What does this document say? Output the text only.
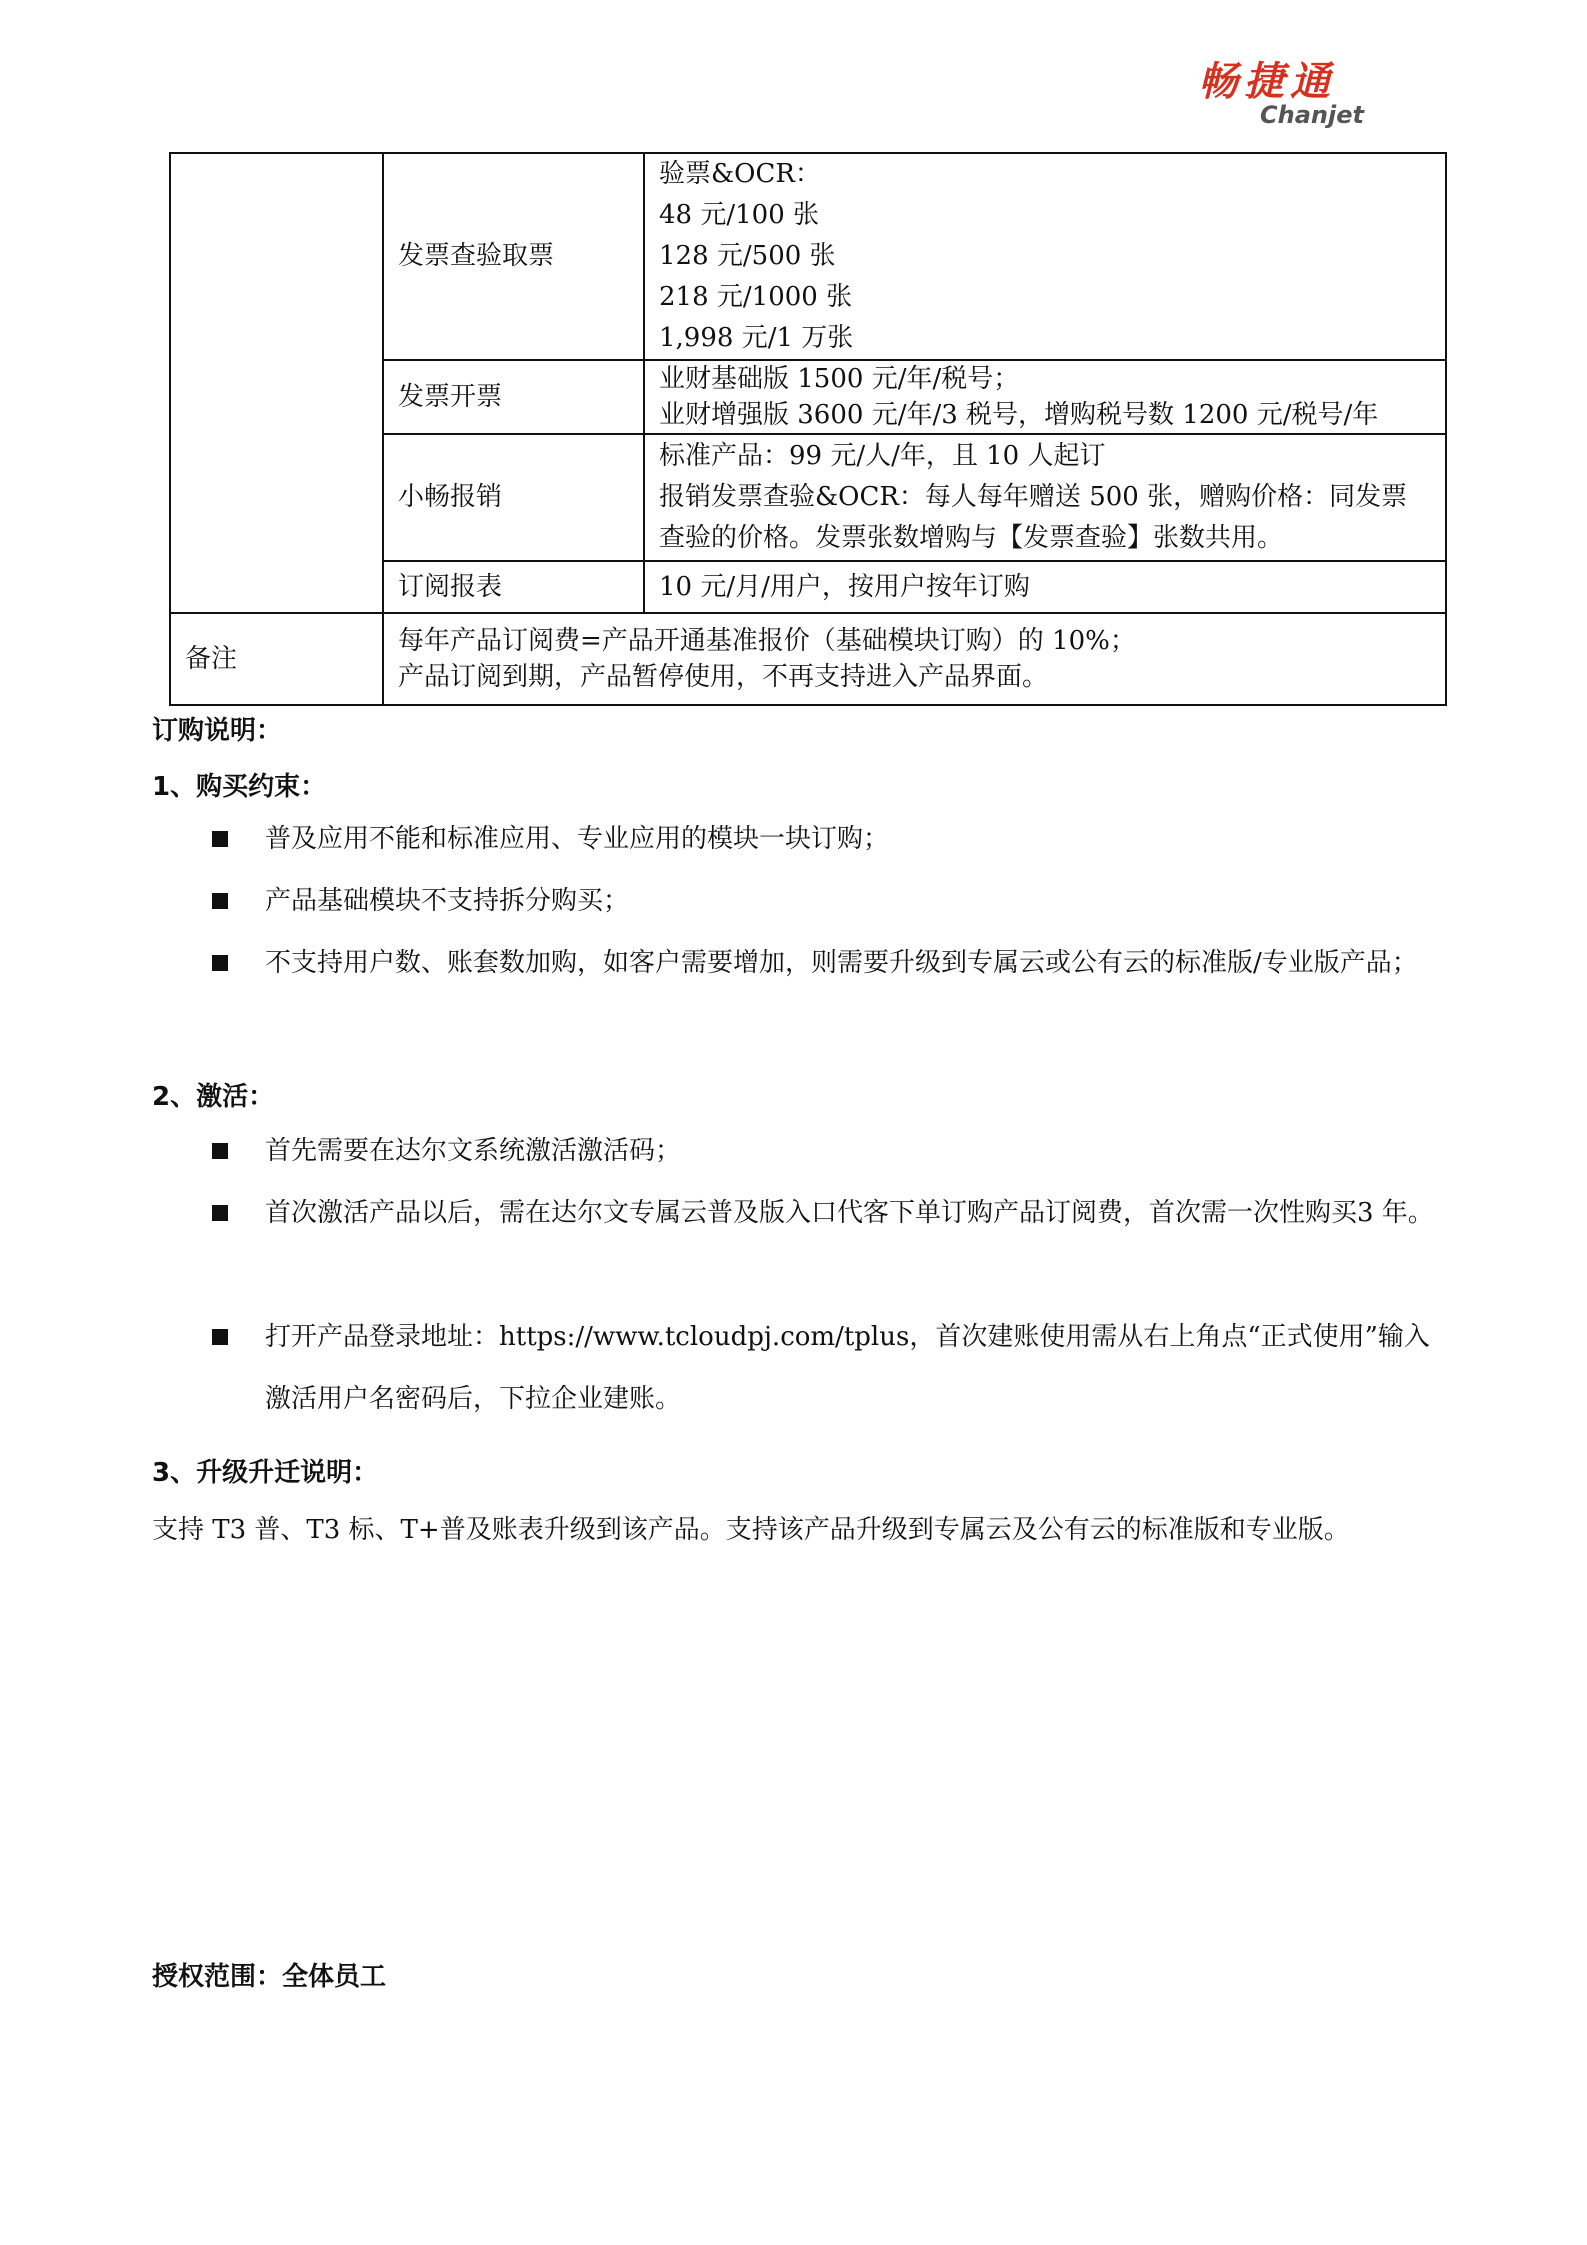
畅捷通
Chanjet
	发票查验取票	验票&OCR：
48 元/100 张
128 元/500 张
218 元/1000 张
1,998 元/1 万张

	发票开票	业财基础版 1500 元/年/税号；
业财增强版 3600 元/年/3 税号，增购税号数 1200 元/税号/年

	小畅报销	标准产品：99 元/人/年，且 10 人起订
报销发票查验&OCR：每人每年赠送 500 张，赠购价格：同发票
查验的价格。发票张数增购与【发票查验】张数共用。

	订阅报表	10 元/月/用户，按用户按年订购

备注	每年产品订阅费=产品开通基准报价（基础模块订购）的 10%；
产品订阅到期，产品暂停使用，不再支持进入产品界面。	
订购说明：
1、购买约束：
普及应用不能和标准应用、专业应用的模块一块订购；
产品基础模块不支持拆分购买；
不支持用户数、账套数加购，如客户需要增加，则需要升级到专属云或公有云的标准版/专业版产品；
2、激活：
首先需要在达尔文系统激活激活码；
首次激活产品以后，需在达尔文专属云普及版入口代客下单订购产品订阅费，首次需一次性购买3 年。
打开产品登录地址：https://www.tcloudpj.com/tplus，首次建账使用需从右上角点“正式使用”输入激活用户名密码后，下拉企业建账。
3、升级升迁说明：
支持 T3 普、T3 标、T+普及账表升级到该产品。支持该产品升级到专属云及公有云的标准版和专业版。
授权范围：全体员工
